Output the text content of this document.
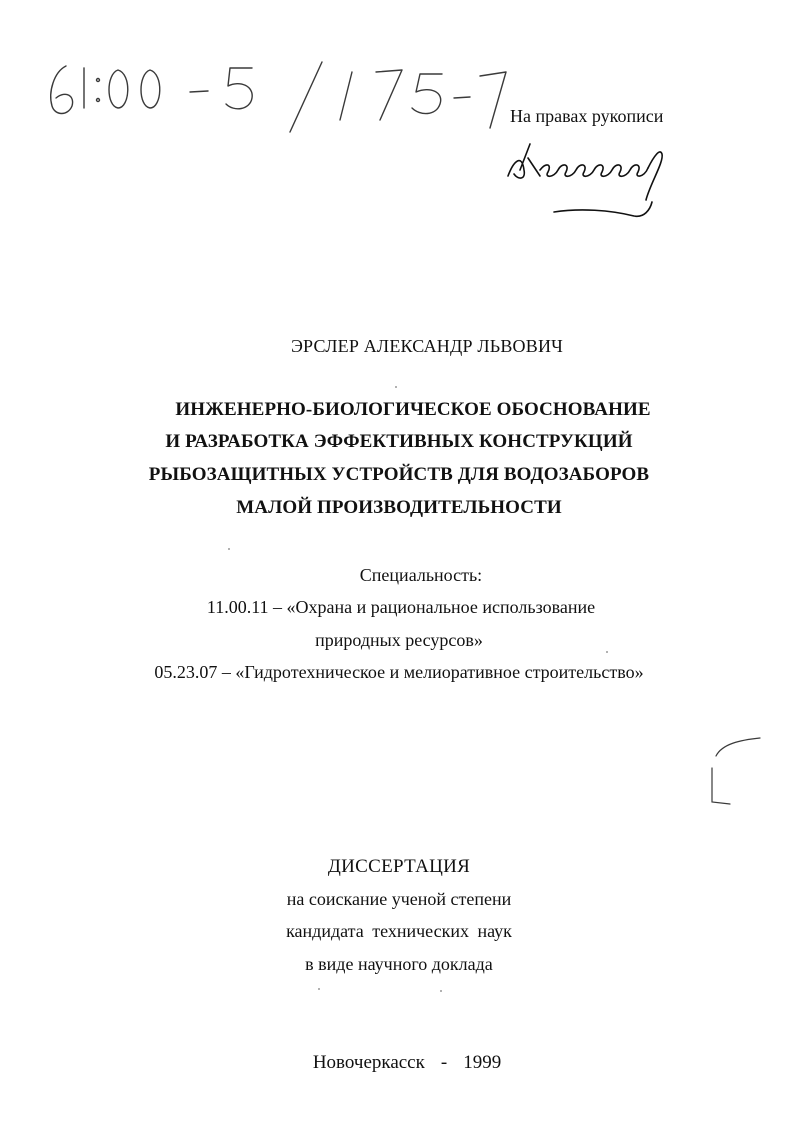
На правах рукописи
ЭРСЛЕР АЛЕКСАНДР ЛЬВОВИЧ
ИНЖЕНЕРНО-БИОЛОГИЧЕСКОЕ ОБОСНОВАНИЕ
И РАЗРАБОТКА ЭФФЕКТИВНЫХ КОНСТРУКЦИЙ
РЫБОЗАЩИТНЫХ УСТРОЙСТВ ДЛЯ ВОДОЗАБОРОВ
МАЛОЙ ПРОИЗВОДИТЕЛЬНОСТИ
Специальность:
11.00.11 – «Охрана и рациональное использование
природных ресурсов»
05.23.07 – «Гидротехническое и мелиоративное строительство»
ДИССЕРТАЦИЯ
на соискание ученой степени
кандидата технических наук
в виде научного доклада
Новочеркасск - 1999
